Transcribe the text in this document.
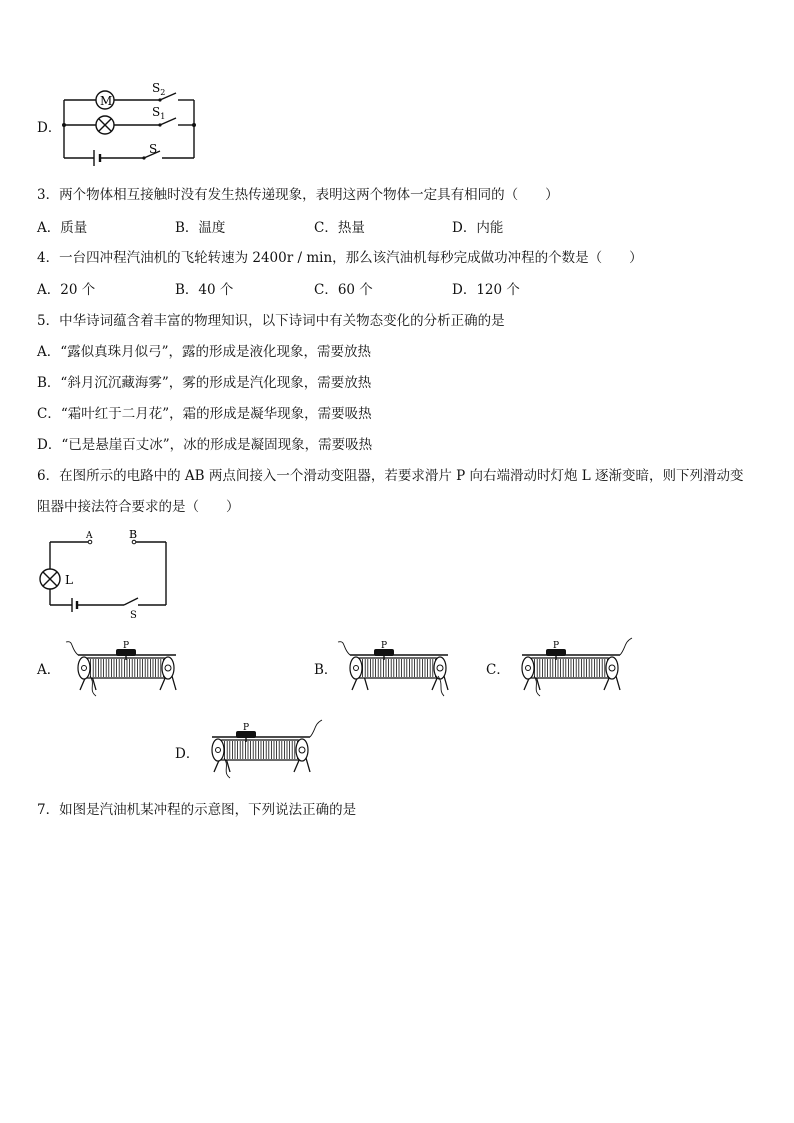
D．
M
$S_2$
$S_1$
S
3．两个物体相互接触时没有发生热传递现象，表明这两个物体一定具有相同的（　　）
A．质量	B．温度	C．热量	D．内能
4．一台四冲程汽油机的飞轮转速为 2400r / min，那么该汽油机每秒完成做功冲程的个数是（　　）
A．20 个	B．40 个	C．60 个	D．120 个
5．中华诗词蕴含着丰富的物理知识，以下诗词中有关物态变化的分析正确的是
A．“露似真珠月似弓”，露的形成是液化现象，需要放热
B．“斜月沉沉藏海雾”，雾的形成是汽化现象，需要放热
C．“霜叶红于二月花”，霜的形成是凝华现象，需要吸热
D．“已是悬崖百丈冰”，冰的形成是凝固现象，需要吸热
6．在图所示的电路中的 AB 两点间接入一个滑动变阻器，若要求滑片 P 向右端滑动时灯炮 L 逐渐变暗，则下列滑动变
阻器中接法符合要求的是（　　）
A	B
L
S
A．	B．	C．
D．
P	P	P
P
7．如图是汽油机某冲程的示意图，下列说法正确的是
